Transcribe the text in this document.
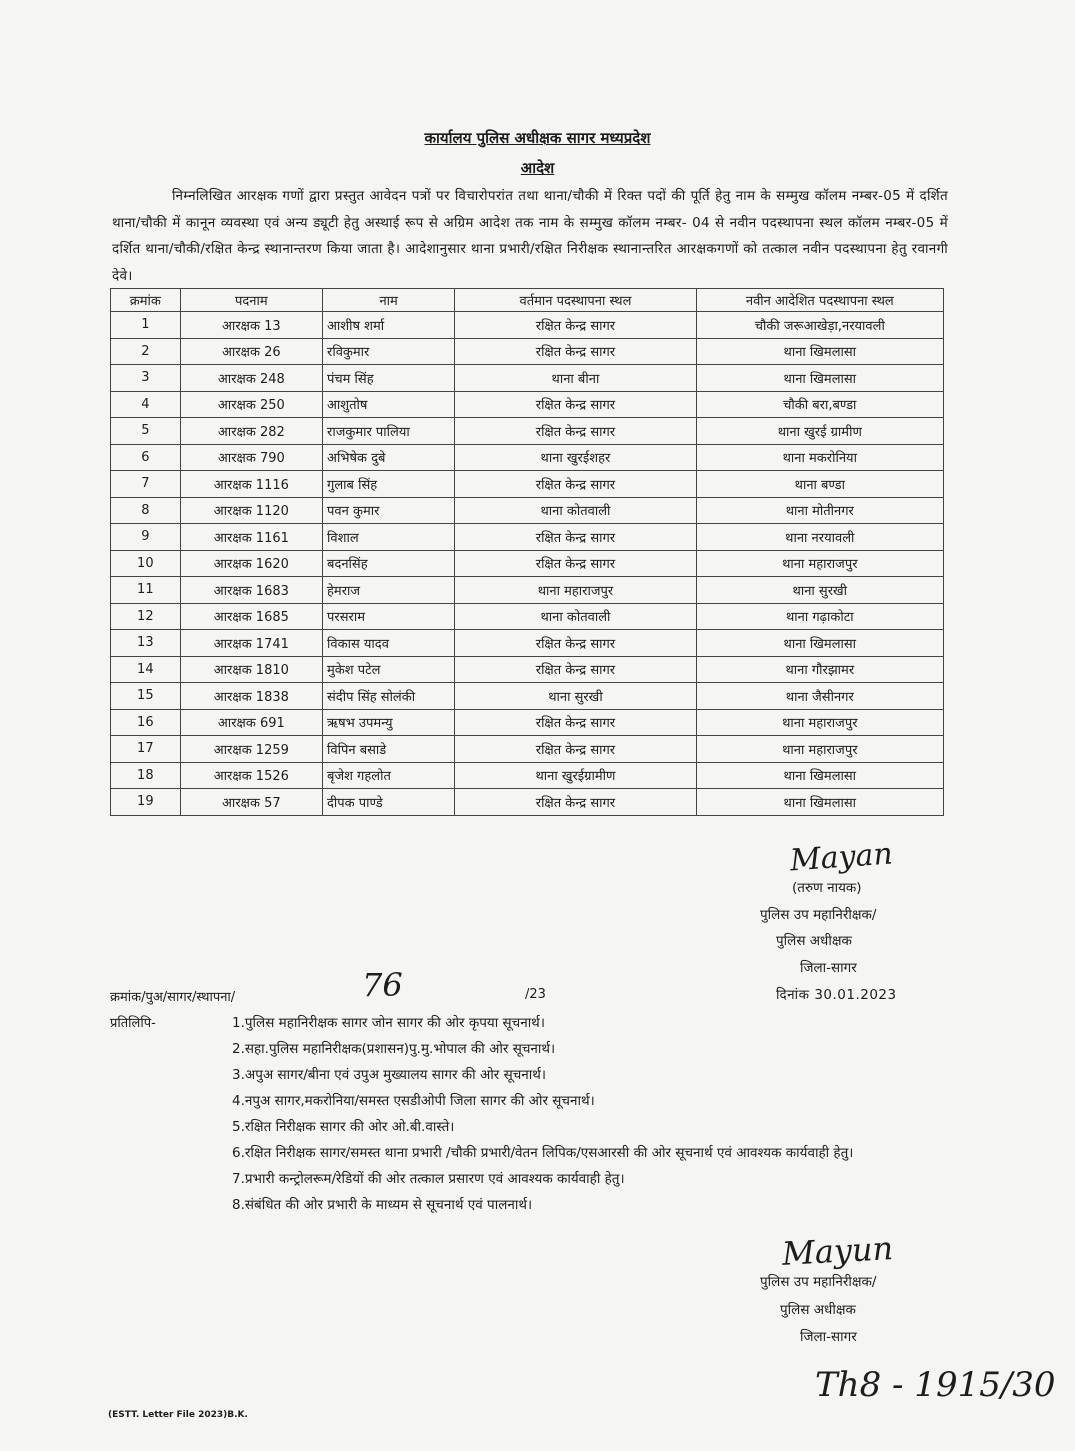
कार्यालय पुलिस अधीक्षक सागर मध्यप्रदेश
आदेश
निम्नलिखित आरक्षक गणों द्वारा प्रस्तुत आवेदन पत्रों पर विचारोपरांत तथा थाना/चौकी में रिक्त पदों की पूर्ति हेतु नाम के सम्मुख कॉलम नम्बर-05 में दर्शित थाना/चौकी में कानून व्यवस्था एवं अन्य ड्यूटी हेतु अस्थाई रूप से अग्रिम आदेश तक नाम के सम्मुख कॉलम नम्बर- 04 से नवीन पदस्थापना स्थल कॉलम नम्बर-05 में दर्शित थाना/चौकी/रक्षित केन्द्र स्थानान्तरण किया जाता है। आदेशानुसार थाना प्रभारी/रक्षित निरीक्षक स्थानान्तरित आरक्षकगणों को तत्काल नवीन पदस्थापना हेतु रवानगी देवे।
क्रमांक	पदनाम	नाम	वर्तमान पदस्थापना स्थल	नवीन आदेशित पदस्थापना स्थल
1	आरक्षक 13	आशीष शर्मा	रक्षित केन्द्र सागर	चौकी जरूआखेड़ा,नरयावली
2	आरक्षक 26	रविकुमार	रक्षित केन्द्र सागर	थाना खिमलासा
3	आरक्षक 248	पंचम सिंह	थाना बीना	थाना खिमलासा
4	आरक्षक 250	आशुतोष	रक्षित केन्द्र सागर	चौकी बरा,बण्डा
5	आरक्षक 282	राजकुमार पालिया	रक्षित केन्द्र सागर	थाना खुरई ग्रामीण
6	आरक्षक 790	अभिषेक दुबे	थाना खुरईशहर	थाना मकरोनिया
7	आरक्षक 1116	गुलाब सिंह	रक्षित केन्द्र सागर	थाना बण्डा
8	आरक्षक 1120	पवन कुमार	थाना कोतवाली	थाना मोतीनगर
9	आरक्षक 1161	विशाल	रक्षित केन्द्र सागर	थाना नरयावली
10	आरक्षक 1620	बदनसिंह	रक्षित केन्द्र सागर	थाना महाराजपुर
11	आरक्षक 1683	हेमराज	थाना महाराजपुर	थाना सुरखी
12	आरक्षक 1685	परसराम	थाना कोतवाली	थाना गढ़ाकोटा
13	आरक्षक 1741	विकास यादव	रक्षित केन्द्र सागर	थाना खिमलासा
14	आरक्षक 1810	मुकेश पटेल	रक्षित केन्द्र सागर	थाना गौरझामर
15	आरक्षक 1838	संदीप सिंह सोलंकी	थाना सुरखी	थाना जैसीनगर
16	आरक्षक 691	ऋषभ उपमन्यु	रक्षित केन्द्र सागर	थाना महाराजपुर
17	आरक्षक 1259	विपिन बसाडे	रक्षित केन्द्र सागर	थाना महाराजपुर
18	आरक्षक 1526	बृजेश गहलोत	थाना खुरईग्रामीण	थाना खिमलासा
19	आरक्षक 57	दीपक पाण्डे	रक्षित केन्द्र सागर	थाना खिमलासा
Mayan
(तरुण नायक)
पुलिस उप महानिरीक्षक/
पुलिस अधीक्षक
जिला-सागर
दिनांक 30.01.2023
क्रमांक/पुअ/सागर/स्थापना/	76	/23
प्रतिलिपि-	1.पुलिस महानिरीक्षक सागर जोन सागर की ओर कृपया सूचनार्थ।
2.सहा.पुलिस महानिरीक्षक(प्रशासन)पु.मु.भोपाल की ओर सूचनार्थ।
3.अपुअ सागर/बीना एवं उपुअ मुख्यालय सागर की ओर सूचनार्थ।
4.नपुअ सागर,मकरोनिया/समस्त एसडीओपी जिला सागर की ओर सूचनार्थ।
5.रक्षित निरीक्षक सागर की ओर ओ.बी.वास्ते।
6.रक्षित निरीक्षक सागर/समस्त थाना प्रभारी /चौकी प्रभारी/वेतन लिपिक/एसआरसी की ओर सूचनार्थ एवं आवश्यक कार्यवाही हेतु।
7.प्रभारी कन्ट्रोलरूम/रेडियों की ओर तत्काल प्रसारण एवं आवश्यक कार्यवाही हेतु।
8.संबंधित की ओर प्रभारी के माध्यम से सूचनार्थ एवं पालनार्थ।
Mayun
पुलिस उप महानिरीक्षक/
पुलिस अधीक्षक
जिला-सागर
Th8 - 1915/30
(ESTT. Letter File 2023)B.K.
